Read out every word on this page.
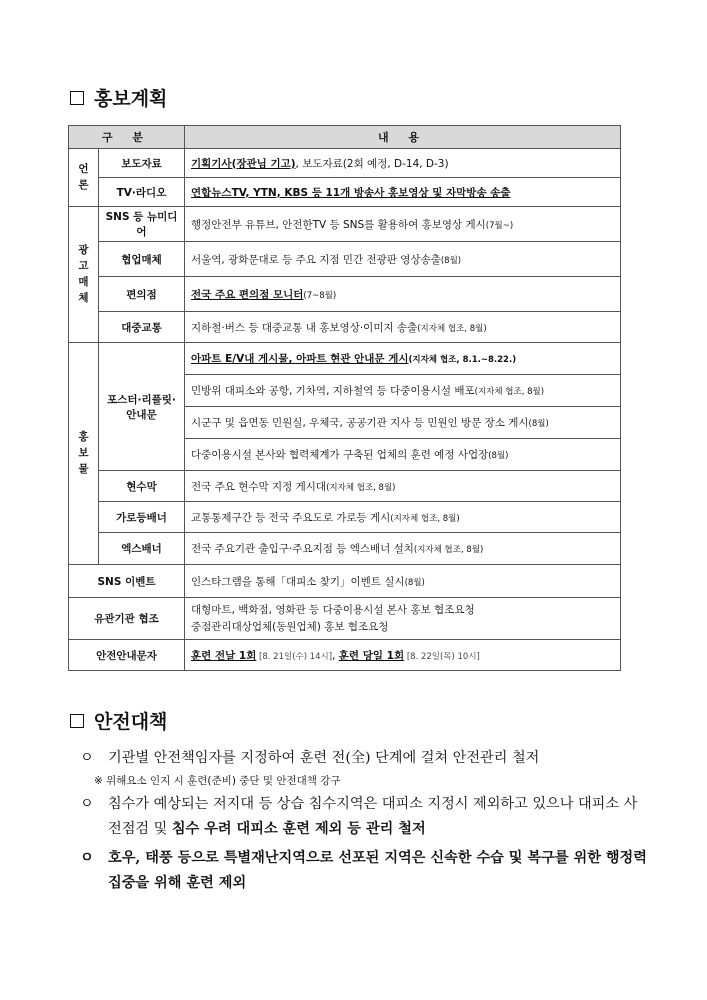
홍보계획
구 분		내 용
언론	보도자료	기획기사(장관님 기고), 보도자료(2회 예정, D-14, D-3)
	TV·라디오	연합뉴스TV, YTN, KBS 등 11개 방송사 홍보영상 및 자막방송 송출
광고매체	SNS 등 뉴미디어	행정안전부 유튜브, 안전한TV 등 SNS를 활용하여 홍보영상 게시(7월~)
	협업매체	서울역, 광화문대로 등 주요 지점 민간 전광판 영상송출(8월)
	편의점	전국 주요 편의점 모니터(7~8월)
	대중교통	지하철·버스 등 대중교통 내 홍보영상·이미지 송출(지자체 협조, 8월)
홍보물	포스터·리플릿·안내문	아파트 E/V내 게시물, 아파트 현관 안내문 게시(지자체 협조, 8.1.~8.22.)
		민방위 대피소와 공항, 기차역, 지하철역 등 다중이용시설 배포(지자체 협조, 8월)
		시군구 및 읍면동 민원실, 우체국, 공공기관 지사 등 민원인 방문 장소 게시(8월)
		다중이용시설 본사와 협력체계가 구축된 업체의 훈련 예정 사업장(8월)
	현수막	전국 주요 현수막 지정 게시대(지자체 협조, 8월)
	가로등배너	교통통제구간 등 전국 주요도로 가로등 게시(지자체 협조, 8월)
	엑스배너	전국 주요기관 출입구·주요지점 등 엑스배너 설치(지자체 협조, 8월)
SNS 이벤트		인스타그램을 통해「대피소 찾기」이벤트 실시(8월)
유관기관 협조		대형마트, 백화점, 영화관 등 다중이용시설 본사 홍보 협조요청
중점관리대상업체(동원업체) 홍보 협조요청

안전안내문자		훈련 전날 1회 [8. 21일(수) 14시], 훈련 당일 1회 [8. 22일(목) 10시]
안전대책
ㅇ 기관별 안전책임자를 지정하여 훈련 전(全) 단계에 걸쳐 안전관리 철저
※ 위해요소 인지 시 훈련(준비) 중단 및 안전대책 강구
ㅇ 침수가 예상되는 저지대 등 상습 침수지역은 대피소 지정시 제외하고 있으나 대피소 사전점검 및 침수 우려 대피소 훈련 제외 등 관리 철저
ㅇ 호우, 태풍 등으로 특별재난지역으로 선포된 지역은 신속한 수습 및 복구를 위한 행정력 집중을 위해 훈련 제외
